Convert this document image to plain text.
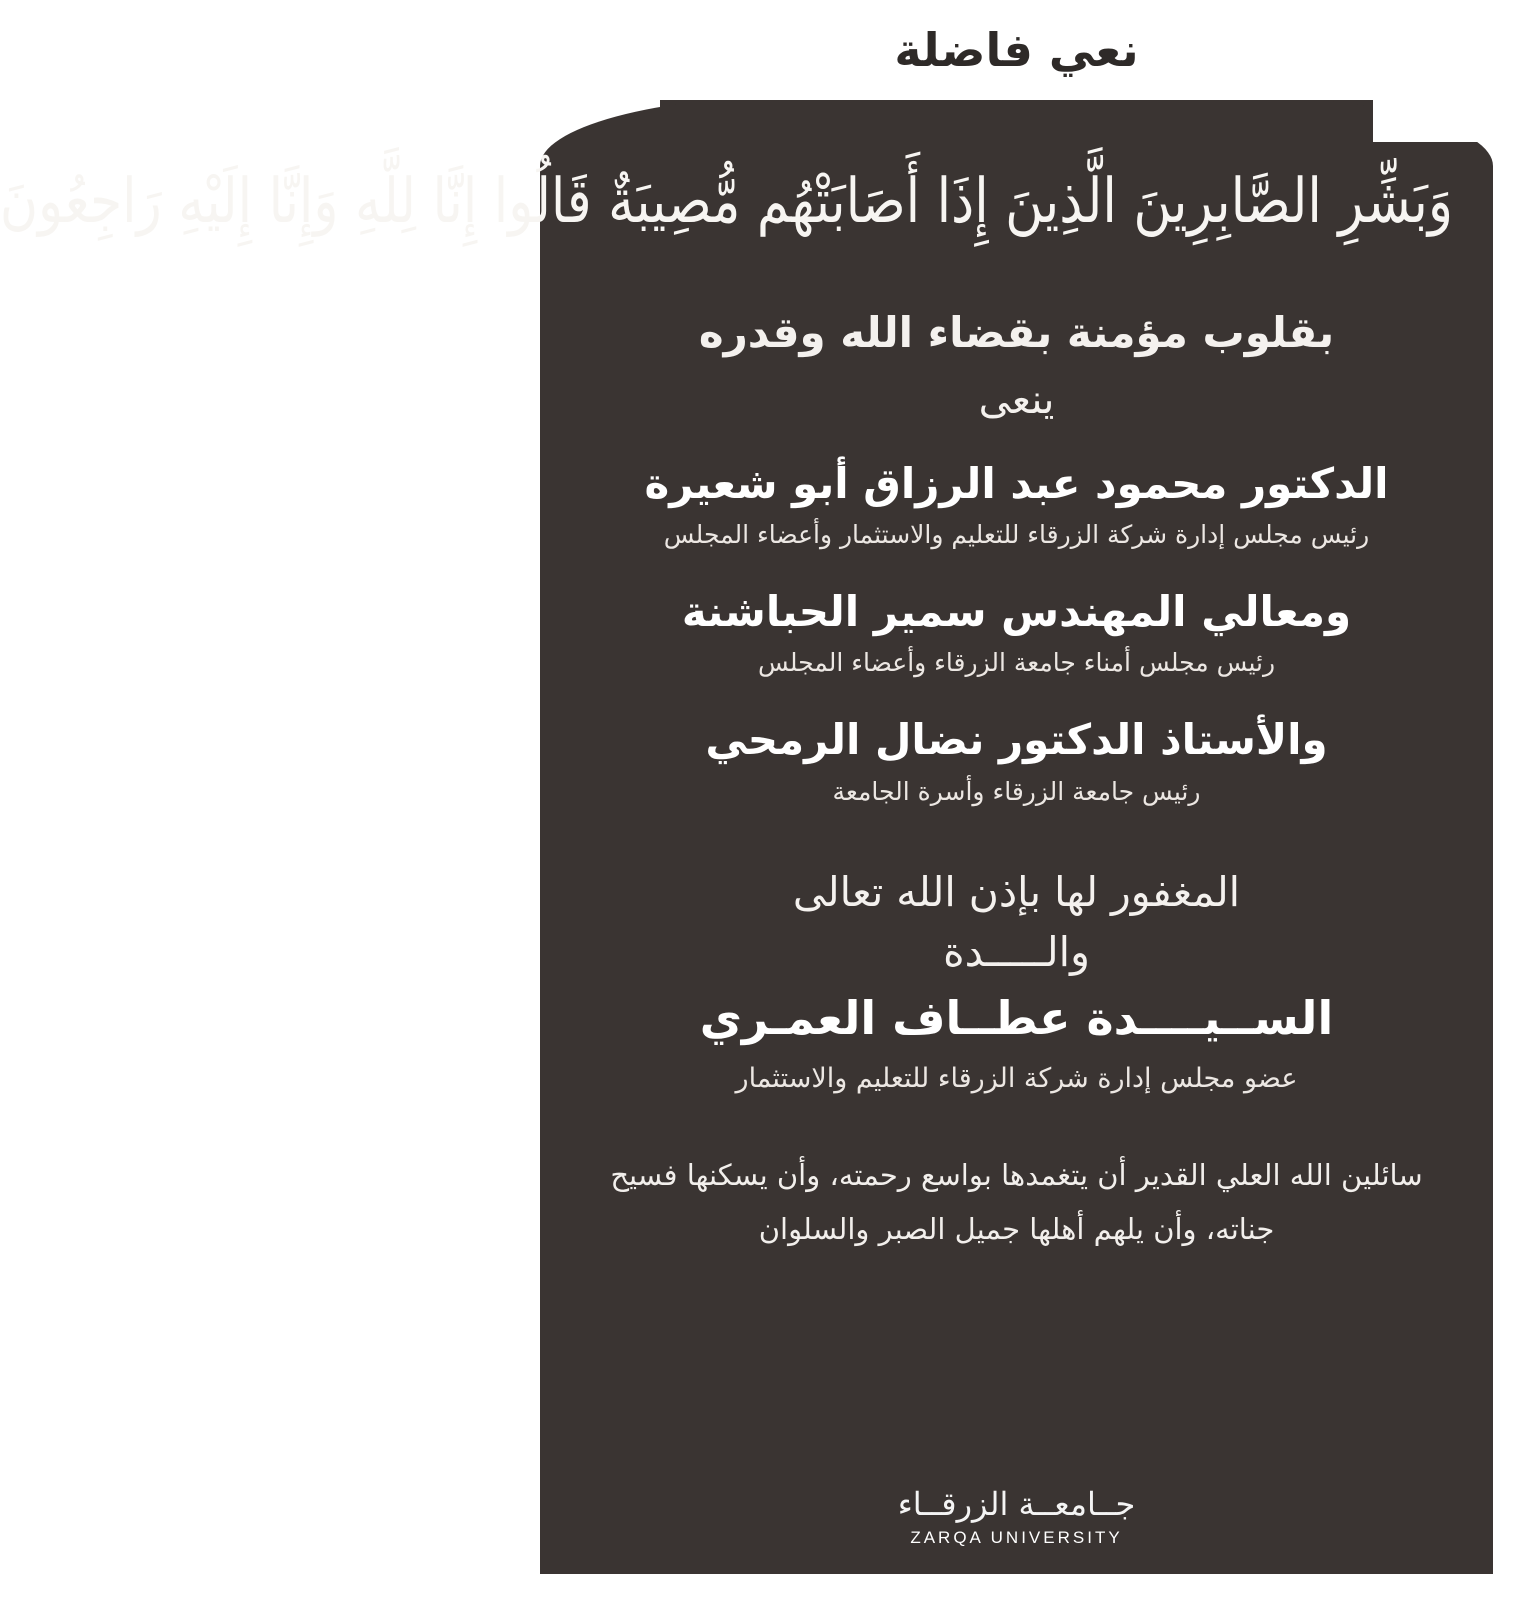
نعي فاضلة
وَبَشِّرِ الصَّابِرِينَ الَّذِينَ إِذَا أَصَابَتْهُم مُّصِيبَةٌ قَالُوا إِنَّا لِلَّهِ وَإِنَّا إِلَيْهِ رَاجِعُونَ
بقلوب مؤمنة بقضاء الله وقدره
ينعى
الدكتور محمود عبد الرزاق أبو شعيرة
رئيس مجلس إدارة شركة الزرقاء للتعليم والاستثمار وأعضاء المجلس
ومعالي المهندس سمير الحباشنة
رئيس مجلس أمناء جامعة الزرقاء وأعضاء المجلس
والأستاذ الدكتور نضال الرمحي
رئيس جامعة الزرقاء وأسرة الجامعة
المغفور لها بإذن الله تعالى
والـــــدة
الســيــــدة عطــاف العمـري
عضو مجلس إدارة شركة الزرقاء للتعليم والاستثمار
سائلين الله العلي القدير أن يتغمدها بواسع رحمته، وأن يسكنها فسيح جناته، وأن يلهم أهلها جميل الصبر والسلوان
جــامعــة الزرقــاء
ZARQA UNIVERSITY
